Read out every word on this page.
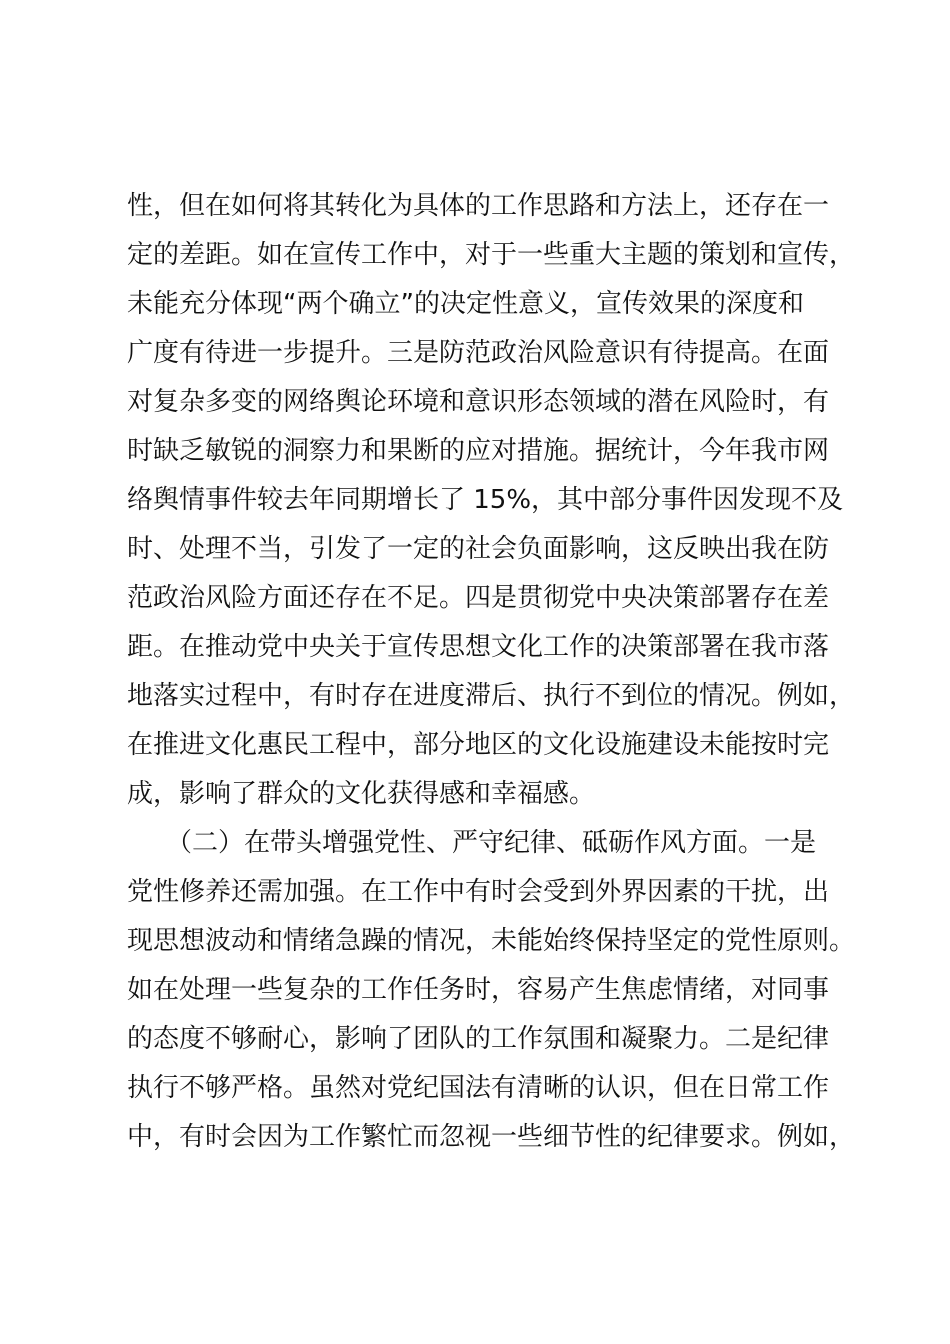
性，但在如何将其转化为具体的工作思路和方法上，还存在一
定的差距。如在宣传工作中，对于一些重大主题的策划和宣传，
未能充分体现“两个确立”的决定性意义，宣传效果的深度和
广度有待进一步提升。三是防范政治风险意识有待提高。在面
对复杂多变的网络舆论环境和意识形态领域的潜在风险时，有
时缺乏敏锐的洞察力和果断的应对措施。据统计，今年我市网
络舆情事件较去年同期增长了 15%，其中部分事件因发现不及
时、处理不当，引发了一定的社会负面影响，这反映出我在防
范政治风险方面还存在不足。四是贯彻党中央决策部署存在差
距。在推动党中央关于宣传思想文化工作的决策部署在我市落
地落实过程中，有时存在进度滞后、执行不到位的情况。例如，
在推进文化惠民工程中，部分地区的文化设施建设未能按时完
成，影响了群众的文化获得感和幸福感。
　　（二）在带头增强党性、严守纪律、砥砺作风方面。一是
党性修养还需加强。在工作中有时会受到外界因素的干扰，出
现思想波动和情绪急躁的情况，未能始终保持坚定的党性原则。
如在处理一些复杂的工作任务时，容易产生焦虑情绪，对同事
的态度不够耐心，影响了团队的工作氛围和凝聚力。二是纪律
执行不够严格。虽然对党纪国法有清晰的认识，但在日常工作
中，有时会因为工作繁忙而忽视一些细节性的纪律要求。例如，
